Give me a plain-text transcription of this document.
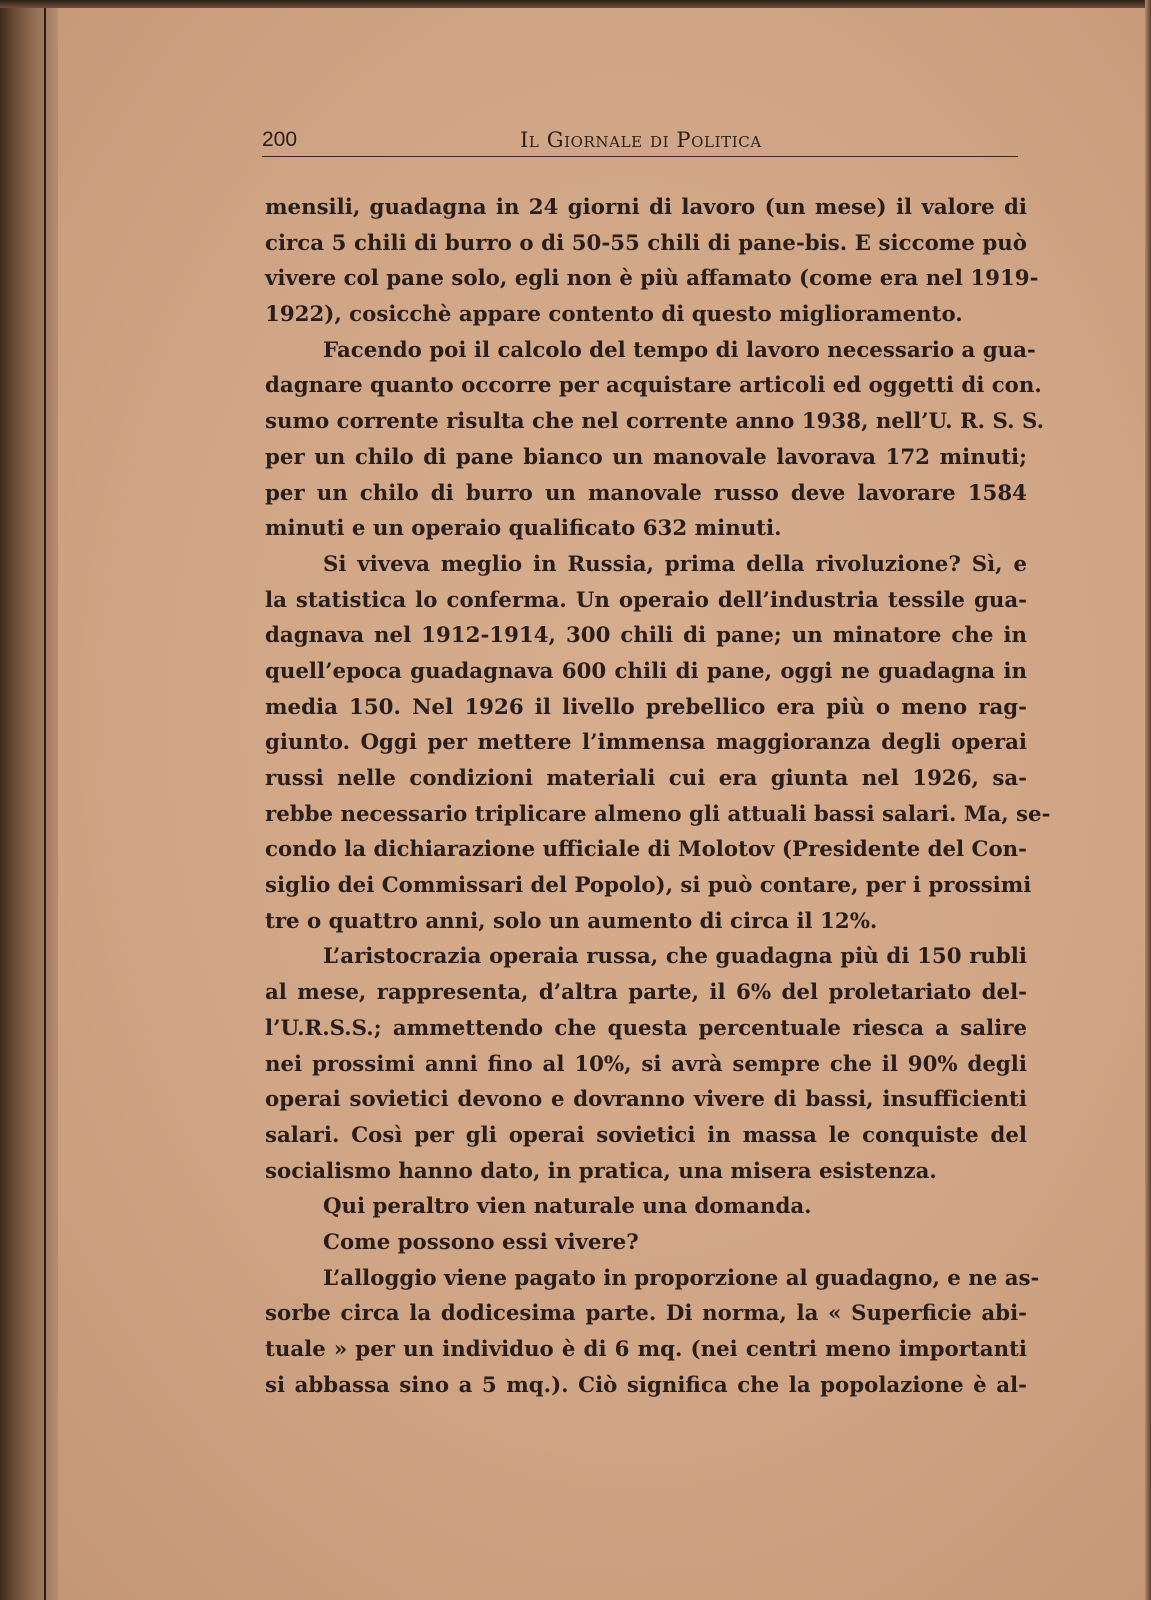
200	Il Giornale di Politica
mensili, guadagna in 24 giorni di lavoro (un mese) il valore di
circa 5 chili di burro o di 50-55 chili di pane-bis. E siccome può
vivere col pane solo, egli non è più affamato (come era nel 1919-
1922), cosicchè appare contento di questo miglioramento.
Facendo poi il calcolo del tempo di lavoro necessario a gua-
dagnare quanto occorre per acquistare articoli ed oggetti di con.
sumo corrente risulta che nel corrente anno 1938, nell’U. R. S. S.
per un chilo di pane bianco un manovale lavorava 172 minuti;
per un chilo di burro un manovale russo deve lavorare 1584
minuti e un operaio qualificato 632 minuti.
Si viveva meglio in Russia, prima della rivoluzione? Sì, e
la statistica lo conferma. Un operaio dell’industria tessile gua-
dagnava nel 1912-1914, 300 chili di pane; un minatore che in
quell’epoca guadagnava 600 chili di pane, oggi ne guadagna in
media 150. Nel 1926 il livello prebellico era più o meno rag-
giunto. Oggi per mettere l’immensa maggioranza degli operai
russi nelle condizioni materiali cui era giunta nel 1926, sa-
rebbe necessario triplicare almeno gli attuali bassi salari. Ma, se-
condo la dichiarazione ufficiale di Molotov (Presidente del Con-
siglio dei Commissari del Popolo), si può contare, per i prossimi
tre o quattro anni, solo un aumento di circa il 12%.
L’aristocrazia operaia russa, che guadagna più di 150 rubli
al mese, rappresenta, d’altra parte, il 6% del proletariato del-
l’U.R.S.S.; ammettendo che questa percentuale riesca a salire
nei prossimi anni fino al 10%, si avrà sempre che il 90% degli
operai sovietici devono e dovranno vivere di bassi, insufficienti
salari. Così per gli operai sovietici in massa le conquiste del
socialismo hanno dato, in pratica, una misera esistenza.
Qui peraltro vien naturale una domanda.
Come possono essi vivere?
L’alloggio viene pagato in proporzione al guadagno, e ne as-
sorbe circa la dodicesima parte. Di norma, la « Superficie abi-
tuale » per un individuo è di 6 mq. (nei centri meno importanti
si abbassa sino a 5 mq.). Ciò significa che la popolazione è al-
